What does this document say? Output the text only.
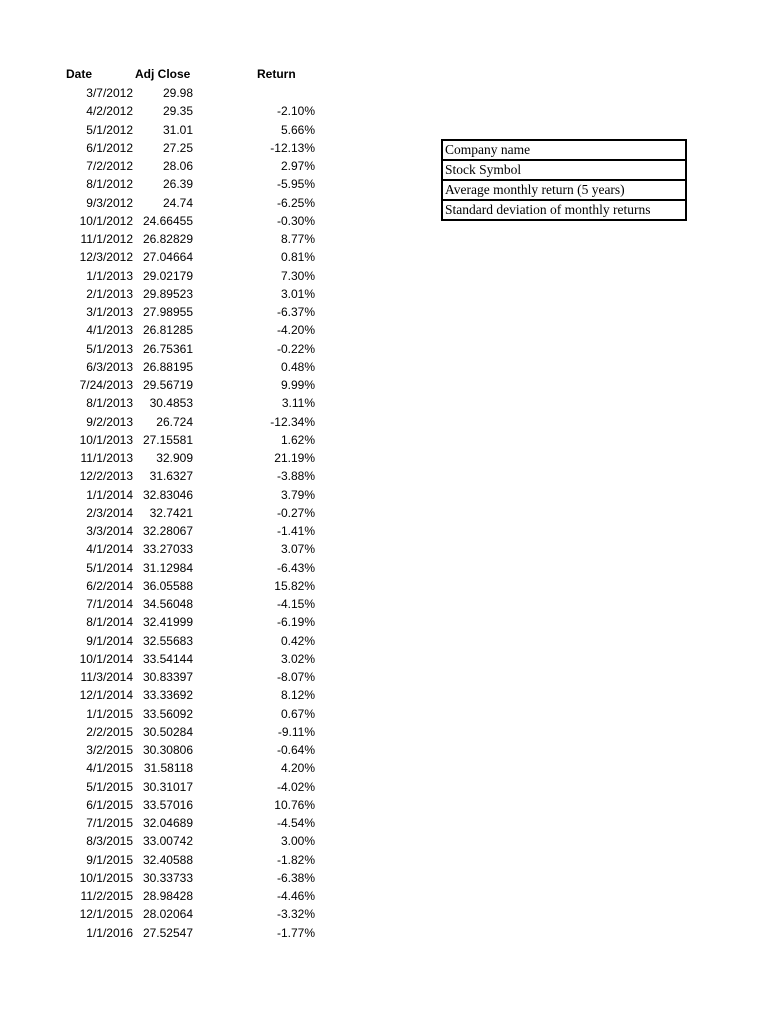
Date	Adj Close	Return
3/7/2012	29.98
4/2/2012	29.35	-2.10%
5/1/2012	31.01	5.66%
6/1/2012	27.25	-12.13%
7/2/2012	28.06	2.97%
8/1/2012	26.39	-5.95%
9/3/2012	24.74	-6.25%
10/1/2012 24.66455	-0.30%
11/1/2012 26.82829	8.77%
12/3/2012 27.04664	0.81%
1/1/2013 29.02179	7.30%
2/1/2013 29.89523	3.01%
3/1/2013 27.98955	-6.37%
4/1/2013 26.81285	-4.20%
5/1/2013 26.75361	-0.22%
6/3/2013 26.88195	0.48%
7/24/2013 29.56719	9.99%
8/1/2013	30.4853	3.11%
9/2/2013	26.724	-12.34%
10/1/2013 27.15581	1.62%
11/1/2013	32.909	21.19%
12/2/2013	31.6327	-3.88%
1/1/2014 32.83046	3.79%
2/3/2014	32.7421	-0.27%
3/3/2014 32.28067	-1.41%
4/1/2014 33.27033	3.07%
5/1/2014 31.12984	-6.43%
6/2/2014 36.05588	15.82%
7/1/2014 34.56048	-4.15%
8/1/2014 32.41999	-6.19%
9/1/2014 32.55683	0.42%
10/1/2014 33.54144	3.02%
11/3/2014 30.83397	-8.07%
12/1/2014 33.33692	8.12%
1/1/2015 33.56092	0.67%
2/2/2015 30.50284	-9.11%
3/2/2015 30.30806	-0.64%
4/1/2015 31.58118	4.20%
5/1/2015 30.31017	-4.02%
6/1/2015 33.57016	10.76%
7/1/2015 32.04689	-4.54%
8/3/2015 33.00742	3.00%
9/1/2015 32.40588	-1.82%
10/1/2015 30.33733	-6.38%
11/2/2015 28.98428	-4.46%
12/1/2015 28.02064	-3.32%
1/1/2016 27.52547	-1.77%
Company name
Stock Symbol
Average monthly return (5 years)
Standard deviation of monthly returns
